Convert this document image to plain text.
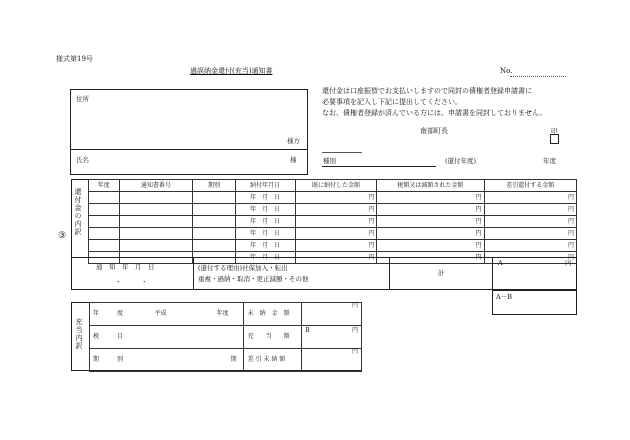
様式第19号
過誤納金還付(充当)通知書	No.
還付金は口座振替でお支払いしますので同封の債権者登録申請書に
必要事項を記入し下記に提出してください。
なお、債権者登録が済んでいる方には、申請書を同封しておりません。
住所
様方
氏名	様
南部町長	印
種別	(還付年度)	年度
③ 還付金の内訳
年度	通知書番号	期別	納付年月日	既に納付した金額	税額又は減額された金額	差引還付する金額
			年　月　日	円	円	円
			年　月　日	円	円	円
			年　月　日	円	円	円
			年　月　日	円	円	円
			年　月　日	円	円	円
			年　月　日	円	円	円
通　知　年　月　日
・　　　・
(還付する理由)社保加入・転出
重複・過納・取消・更正減額・その他
計
A	円
A－B
充当内訳
年　　　度	平成	年度	未　納　金　額	円
税　　　目			充　　当　　額	B 円

期　　　別		期	差 引 未 納 額	円
